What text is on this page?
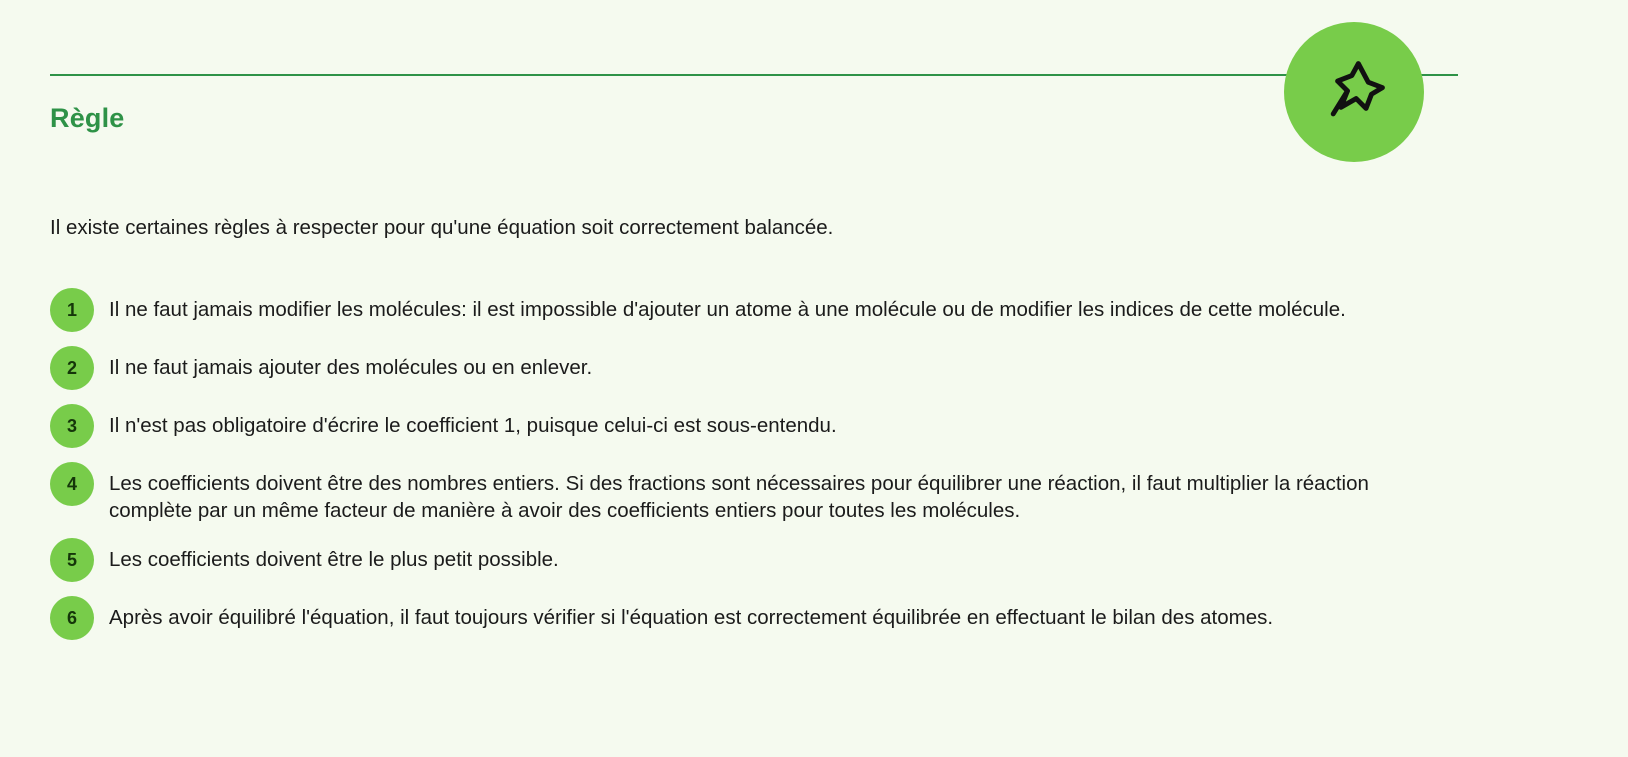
Règle

Il existe certaines règles à respecter pour qu'une équation soit correctement balancée.

1	Il ne faut jamais modifier les molécules: il est impossible d'ajouter un atome à une molécule ou de modifier les indices de cette molécule.
2	Il ne faut jamais ajouter des molécules ou en enlever.
3	Il n'est pas obligatoire d'écrire le coefficient 1, puisque celui-ci est sous-entendu.
4	Les coefficients doivent être des nombres entiers. Si des fractions sont nécessaires pour équilibrer une réaction, il faut multiplier la réaction complète par un même facteur de manière à avoir des coefficients entiers pour toutes les molécules.
5	Les coefficients doivent être le plus petit possible.
6	Après avoir équilibré l'équation, il faut toujours vérifier si l'équation est correctement équilibrée en effectuant le bilan des atomes.
